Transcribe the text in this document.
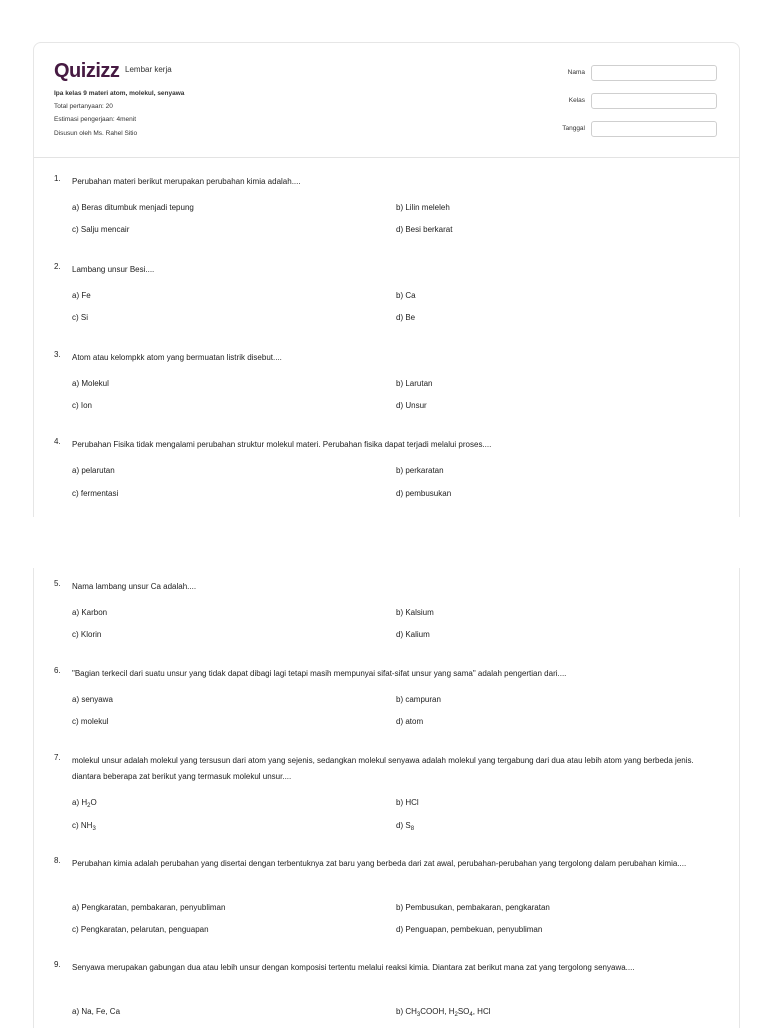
Quizizz Lembar kerja
Ipa kelas 9 materi atom, molekul, senyawa
Total pertanyaan: 20
Estimasi pengerjaan: 4menit
Disusun oleh Ms. Rahel Sitio
Nama
Kelas
Tanggal
1. Perubahan materi berikut merupakan perubahan kimia adalah....
a) Beras ditumbuk menjadi tepung	b) Lilin meleleh
c) Salju mencair	d) Besi berkarat
2. Lambang unsur Besi....
a) Fe	b) Ca
c) Si	d) Be
3. Atom atau kelompkk atom yang bermuatan listrik disebut....
a) Molekul	b) Larutan
c) Ion	d) Unsur
4. Perubahan Fisika tidak mengalami perubahan struktur molekul materi. Perubahan fisika dapat terjadi melalui proses....
a) pelarutan	b) perkaratan
c) fermentasi	d) pembusukan
5. Nama lambang unsur Ca adalah....
a) Karbon	b) Kalsium
c) Klorin	d) Kalium
6. "Bagian terkecil dari suatu unsur yang tidak dapat dibagi lagi tetapi masih mempunyai sifat-sifat unsur yang sama" adalah pengertian dari....
a) senyawa	b) campuran
c) molekul	d) atom
7. molekul unsur adalah molekul yang tersusun dari atom yang sejenis, sedangkan molekul senyawa adalah molekul yang tergabung dari dua atau lebih atom yang berbeda jenis. diantara beberapa zat berikut yang termasuk molekul unsur....
a) $H_2O$	b) HCl
c) $NH_3$	d) $S_8$
8. Perubahan kimia adalah perubahan yang disertai dengan terbentuknya zat baru yang berbeda dari zat awal, perubahan-perubahan yang tergolong dalam perubahan kimia....
a) Pengkaratan, pembakaran, penyubliman	b) Pembusukan, pembakaran, pengkaratan
c) Pengkaratan, pelarutan, penguapan	d) Penguapan, pembekuan, penyubliman
9. Senyawa merupakan gabungan dua atau lebih unsur dengan komposisi tertentu melalui reaksi kimia. Diantara zat berikut mana zat yang tergolong senyawa....
a) Na, Fe, Ca	b) $CH_3COOH$, $H_2SO_4$, HCl
